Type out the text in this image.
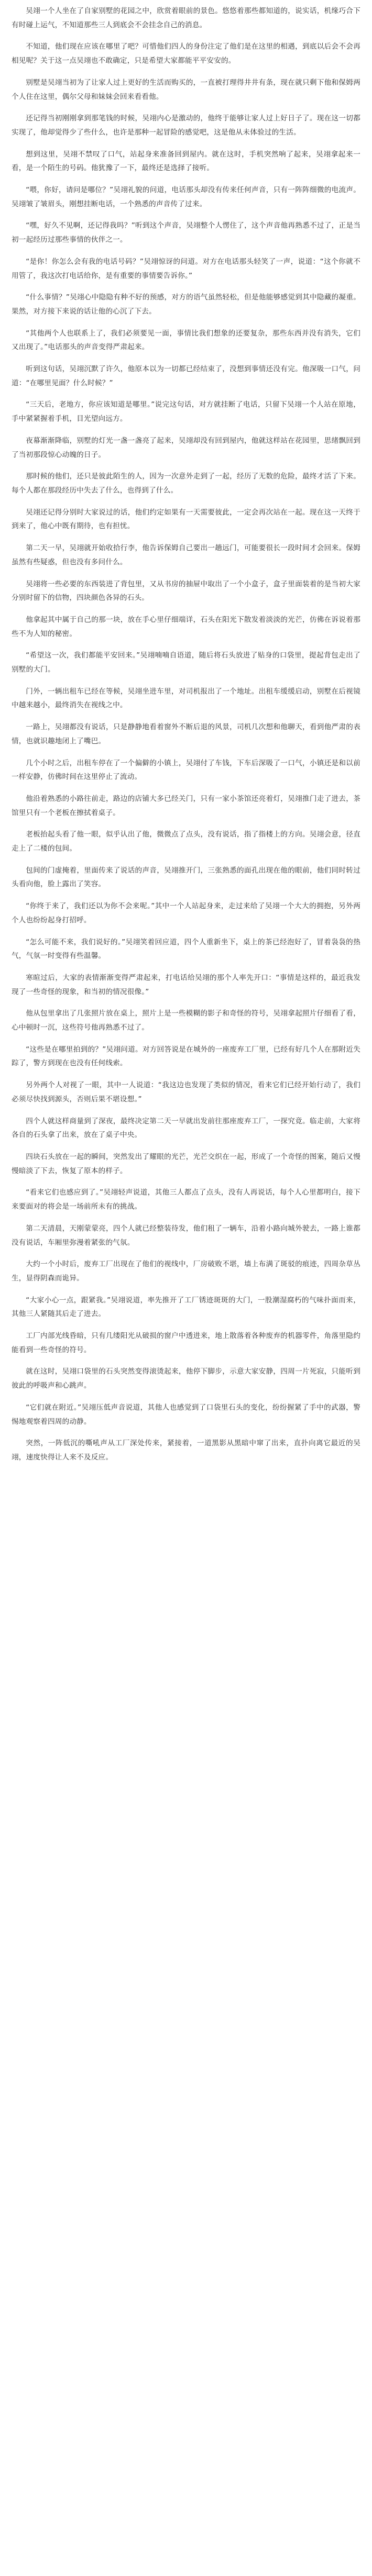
吴翊一个人坐在了自家别墅的花园之中，欣赏着眼前的景色。悠悠着那些都知道的，说实话，机缘巧合下有时碰上运气，不知道那些三人到底会不会挂念自己的消息。
不知道，他们现在应该在哪里了吧？可惜他们四人的身份注定了他们是在这里的相遇，到底以后会不会再相见呢？关于这一点吴翊也不敢确定，只是希望大家都能平平安安的。
别墅是吴翊当初为了让家人过上更好的生活而购买的，一直被打理得井井有条，现在就只剩下他和保姆两个人住在这里，偶尔父母和妹妹会回来看看他。
还记得当初刚刚拿到那笔钱的时候，吴翊内心是激动的，他终于能够让家人过上好日子了。现在这一切都实现了，他却觉得少了些什么，也许是那种一起冒险的感觉吧，这是他从未体验过的生活。
想到这里，吴翊不禁叹了口气，站起身来准备回到屋内。就在这时，手机突然响了起来，吴翊拿起来一看，是一个陌生的号码。他犹豫了一下，最终还是选择了接听。
“喂，你好，请问是哪位？”吴翊礼貌的问道，电话那头却没有传来任何声音，只有一阵阵细微的电流声。吴翊皱了皱眉头，刚想挂断电话，一个熟悉的声音传了过来。
“嘿，好久不见啊，还记得我吗？”听到这个声音，吴翊整个人愣住了，这个声音他再熟悉不过了，正是当初一起经历过那些事情的伙伴之一。
“是你！你怎么会有我的电话号码？”吴翊惊讶的问道。对方在电话那头轻笑了一声，说道：“这个你就不用管了，我这次打电话给你，是有重要的事情要告诉你。”
“什么事情？”吴翊心中隐隐有种不好的预感，对方的语气虽然轻松，但是他能够感觉到其中隐藏的凝重。果然，对方接下来说的话让他的心沉了下去。
“其他两个人也联系上了，我们必须要见一面，事情比我们想象的还要复杂，那些东西并没有消失，它们又出现了。”电话那头的声音变得严肃起来。
听到这句话，吴翊沉默了许久，他原本以为一切都已经结束了，没想到事情还没有完。他深吸一口气，问道：“在哪里见面？什么时候？”
“三天后，老地方，你应该知道是哪里。”说完这句话，对方就挂断了电话，只留下吴翊一个人站在原地，手中紧紧握着手机，目光望向远方。
夜幕渐渐降临，别墅的灯光一盏一盏亮了起来，吴翊却没有回到屋内，他就这样站在花园里，思绪飘回到了当初那段惊心动魄的日子。
那时候的他们，还只是彼此陌生的人，因为一次意外走到了一起，经历了无数的危险，最终才活了下来。每个人都在那段经历中失去了什么，也得到了什么。
吴翊还记得分别时大家说过的话，他们约定如果有一天需要彼此，一定会再次站在一起。现在这一天终于到来了，他心中既有期待，也有担忧。
第二天一早，吴翊就开始收拾行李，他告诉保姆自己要出一趟远门，可能要很长一段时间才会回来。保姆虽然有些疑惑，但也没有多问什么。
吴翊将一些必要的东西装进了背包里，又从书房的抽屉中取出了一个小盒子，盒子里面装着的是当初大家分别时留下的信物，四块颜色各异的石头。
他拿起其中属于自己的那一块，放在手心里仔细端详，石头在阳光下散发着淡淡的光芒，仿佛在诉说着那些不为人知的秘密。
“希望这一次，我们都能平安回来。”吴翊喃喃自语道，随后将石头放进了贴身的口袋里，提起背包走出了别墅的大门。
门外，一辆出租车已经在等候，吴翊坐进车里，对司机报出了一个地址。出租车缓缓启动，别墅在后视镜中越来越小，最终消失在视线之中。
一路上，吴翊都没有说话，只是静静地看着窗外不断后退的风景，司机几次想和他聊天，看到他严肃的表情，也就识趣地闭上了嘴巴。
几个小时之后，出租车停在了一个偏僻的小镇上，吴翊付了车钱，下车后深吸了一口气，小镇还是和以前一样安静，仿佛时间在这里停止了流动。
他沿着熟悉的小路往前走，路边的店铺大多已经关门，只有一家小茶馆还亮着灯，吴翊推门走了进去，茶馆里只有一个老板在擦拭着桌子。
老板抬起头看了他一眼，似乎认出了他，微微点了点头，没有说话，指了指楼上的方向。吴翊会意，径直走上了二楼的包间。
包间的门虚掩着，里面传来了说话的声音，吴翊推开门，三张熟悉的面孔出现在他的眼前，他们同时转过头看向他，脸上露出了笑容。
“你终于来了，我们还以为你不会来呢。”其中一个人站起身来，走过来给了吴翊一个大大的拥抱，另外两个人也纷纷起身打招呼。
“怎么可能不来，我们说好的。”吴翊笑着回应道，四个人重新坐下，桌上的茶已经泡好了，冒着袅袅的热气，气氛一时变得有些温馨。
寒暄过后，大家的表情渐渐变得严肃起来，打电话给吴翊的那个人率先开口：“事情是这样的，最近我发现了一些奇怪的现象，和当初的情况很像。”
他从包里拿出了几张照片放在桌上，照片上是一些模糊的影子和奇怪的符号，吴翊拿起照片仔细看了看，心中顿时一沉，这些符号他再熟悉不过了。
“这些是在哪里拍到的？”吴翊问道。对方回答说是在城外的一座废弃工厂里，已经有好几个人在那附近失踪了，警方到现在也没有任何线索。
另外两个人对视了一眼，其中一人说道：“我这边也发现了类似的情况，看来它们已经开始行动了，我们必须尽快找到源头，否则后果不堪设想。”
四个人就这样商量到了深夜，最终决定第二天一早就出发前往那座废弃工厂，一探究竟。临走前，大家将各自的石头拿了出来，放在了桌子中央。
四块石头放在一起的瞬间，突然发出了耀眼的光芒，光芒交织在一起，形成了一个奇怪的图案，随后又慢慢暗淡了下去，恢复了原本的样子。
“看来它们也感应到了。”吴翊轻声说道，其他三人都点了点头，没有人再说话，每个人心里都明白，接下来要面对的将会是一场前所未有的挑战。
第二天清晨，天刚蒙蒙亮，四个人就已经整装待发，他们租了一辆车，沿着小路向城外驶去，一路上谁都没有说话，车厢里弥漫着紧张的气氛。
大约一个小时后，废弃工厂出现在了他们的视线中，厂房破败不堪，墙上布满了斑驳的痕迹，四周杂草丛生，显得阴森而诡异。
“大家小心一点，跟紧我。”吴翊说道，率先推开了工厂锈迹斑斑的大门，一股潮湿腐朽的气味扑面而来，其他三人紧随其后走了进去。
工厂内部光线昏暗，只有几缕阳光从破损的窗户中透进来，地上散落着各种废弃的机器零件，角落里隐约能看到一些奇怪的符号。
就在这时，吴翊口袋里的石头突然变得滚烫起来，他停下脚步，示意大家安静，四周一片死寂，只能听到彼此的呼吸声和心跳声。
“它们就在附近。”吴翊压低声音说道，其他人也感觉到了口袋里石头的变化，纷纷握紧了手中的武器，警惕地观察着四周的动静。
突然，一阵低沉的嘶吼声从工厂深处传来，紧接着，一道黑影从黑暗中窜了出来，直扑向离它最近的吴翊，速度快得让人来不及反应。
